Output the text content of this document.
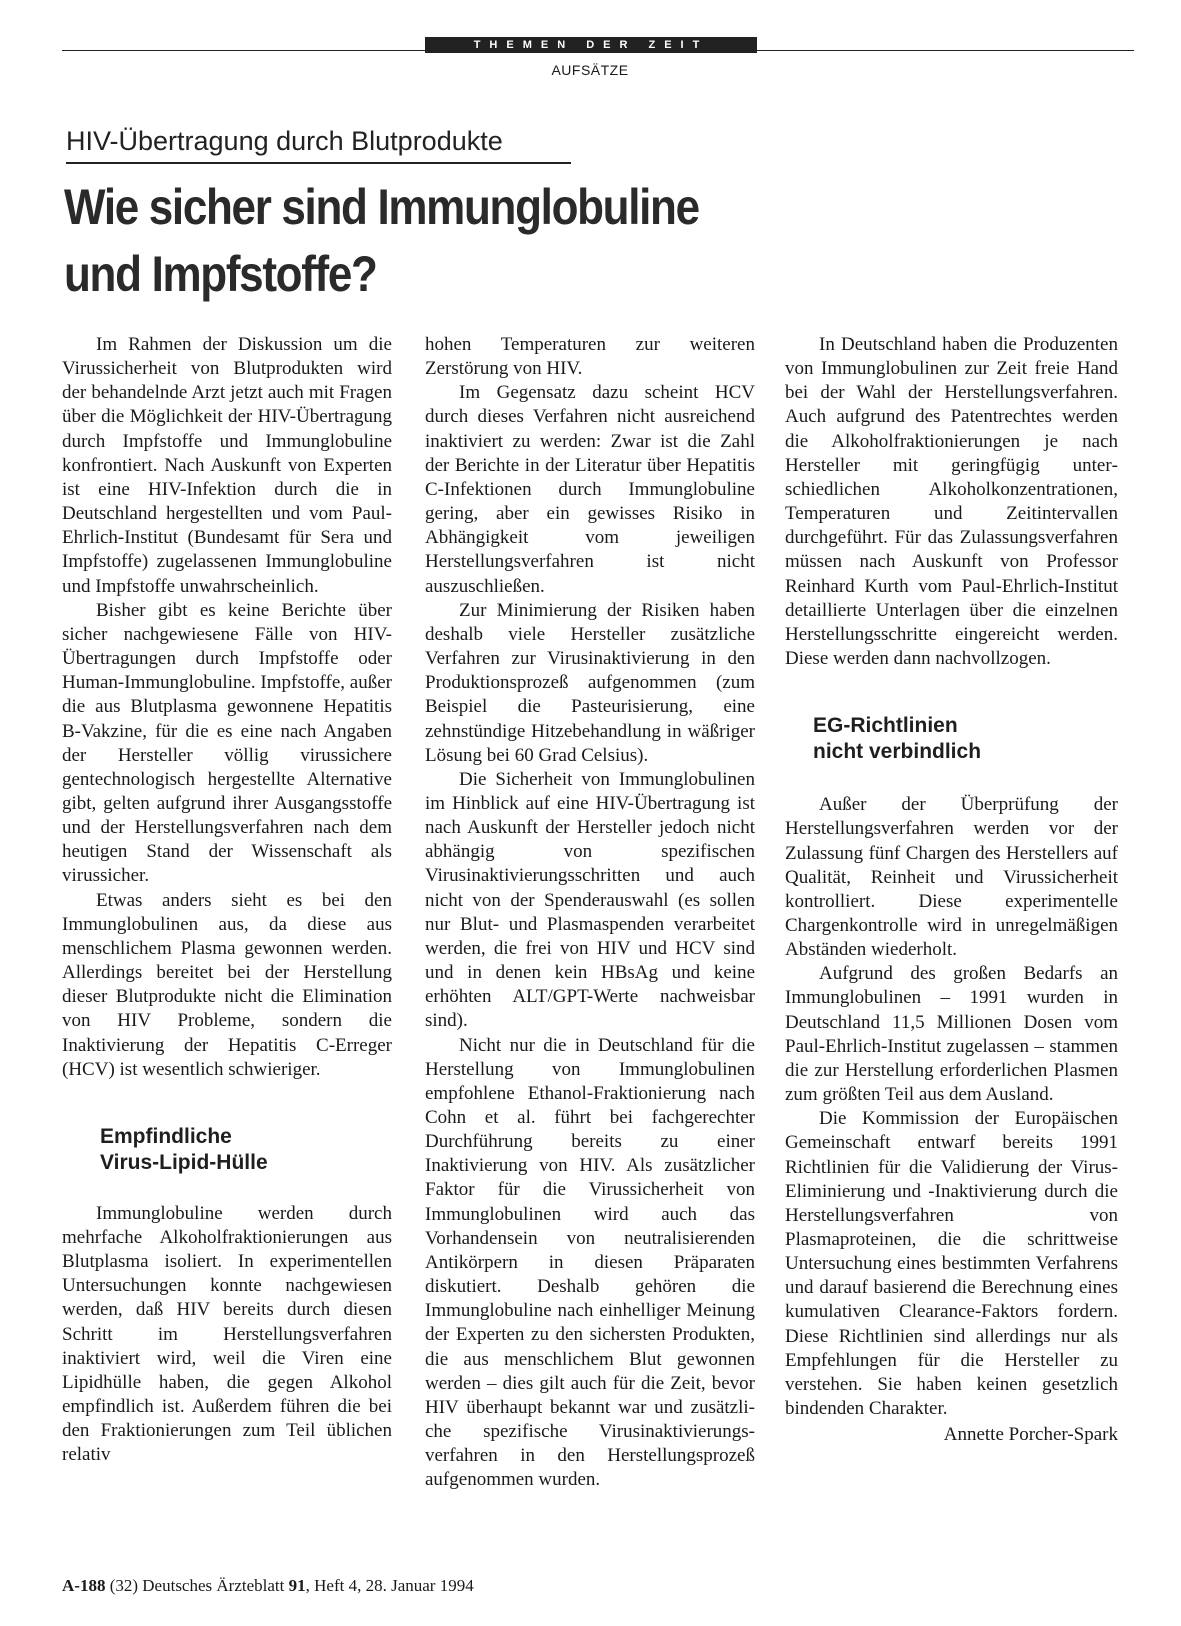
THEMEN DER ZEIT
AUFSÄTZE
HIV-Übertragung durch Blutprodukte
Wie sicher sind Immunglobuline
und Impfstoffe?

Im Rahmen der Diskussion um die Virussicherheit von Blutprodukten wird der behandelnde Arzt jetzt auch mit Fragen über die Möglichkeit der HIV-Übertragung durch Impfstoffe und Immunglobuline konfrontiert. Nach Auskunft von Experten ist eine HIV-Infektion durch die in Deutschland hergestellten und vom Paul-Ehrlich-Institut (Bundesamt für Sera und Impfstoffe) zugelassenen Immunglobuline und Impfstoffe unwahrscheinlich.

Bisher gibt es keine Berichte über sicher nachgewiesene Fälle von HIV-Übertragungen durch Impfstoffe oder Human-Immunglobuline. Impfstoffe, außer die aus Blutplasma gewonnene Hepatitis B-Vakzine, für die es eine nach Angaben der Hersteller völlig virussichere gentechnologisch hergestellte Alternative gibt, gelten aufgrund ihrer Ausgangsstoffe und der Herstellungsverfahren nach dem heutigen Stand der Wissenschaft als virussicher.

Etwas anders sieht es bei den Immunglobulinen aus, da diese aus menschlichem Plasma gewonnen werden. Allerdings bereitet bei der Herstellung dieser Blutprodukte nicht die Elimination von HIV Probleme, sondern die Inaktivierung der Hepatitis C-Erreger (HCV) ist wesentlich schwieriger.

Empfindliche
Virus-Lipid-Hülle

Immunglobuline werden durch mehrfache Alkoholfraktionierungen aus Blutplasma isoliert. In experimentellen Untersuchungen konnte nachgewiesen werden, daß HIV bereits durch diesen Schritt im Herstellungsverfahren inaktiviert wird, weil die Viren eine Lipidhülle haben, die gegen Alkohol empfindlich ist. Außerdem führen die bei den Fraktionierungen zum Teil üblichen relativ

hohen Temperaturen zur weiteren Zerstörung von HIV.

Im Gegensatz dazu scheint HCV durch dieses Verfahren nicht ausreichend inaktiviert zu werden: Zwar ist die Zahl der Berichte in der Literatur über Hepatitis C-Infektionen durch Immunglobuline gering, aber ein gewisses Risiko in Abhängigkeit vom jeweiligen Herstellungsverfahren ist nicht auszuschließen.

Zur Minimierung der Risiken haben deshalb viele Hersteller zusätzliche Verfahren zur Virusinaktivierung in den Produktionsprozeß aufgenommen (zum Beispiel die Pasteurisierung, eine zehnstündige Hitzebehandlung in wäßriger Lösung bei 60 Grad Celsius).

Die Sicherheit von Immunglobulinen im Hinblick auf eine HIV-Übertragung ist nach Auskunft der Hersteller jedoch nicht abhängig von spezifischen Virusinaktivierungsschritten und auch nicht von der Spenderauswahl (es sollen nur Blut- und Plasmaspenden verarbeitet werden, die frei von HIV und HCV sind und in denen kein HBsAg und keine erhöhten ALT/GPT-Werte nachweisbar sind).

Nicht nur die in Deutschland für die Herstellung von Immunglobulinen empfohlene Ethanol-Fraktionierung nach Cohn et al. führt bei fachgerechter Durchführung bereits zu einer Inaktivierung von HIV. Als zusätzlicher Faktor für die Virussicherheit von Immunglobulinen wird auch das Vorhandensein von neutralisierenden Antikörpern in diesen Präparaten diskutiert. Deshalb gehören die Immunglobuline nach einhelliger Meinung der Experten zu den sichersten Produkten, die aus menschlichem Blut gewonnen werden – dies gilt auch für die Zeit, bevor HIV überhaupt bekannt war und zusätzliche spezifische Virusinaktivierungsverfahren in den Herstellungsprozeß aufgenommen wurden.

In Deutschland haben die Produzenten von Immunglobulinen zur Zeit freie Hand bei der Wahl der Herstellungsverfahren. Auch aufgrund des Patentrechtes werden die Alkoholfraktionierungen je nach Hersteller mit geringfügig unterschiedlichen Alkoholkonzentrationen, Temperaturen und Zeitintervallen durchgeführt. Für das Zulassungsverfahren müssen nach Auskunft von Professor Reinhard Kurth vom Paul-Ehrlich-Institut detaillierte Unterlagen über die einzelnen Herstellungsschritte eingereicht werden. Diese werden dann nachvollzogen.

EG-Richtlinien
nicht verbindlich

Außer der Überprüfung der Herstellungsverfahren werden vor der Zulassung fünf Chargen des Herstellers auf Qualität, Reinheit und Virussicherheit kontrolliert. Diese experimentelle Chargenkontrolle wird in unregelmäßigen Abständen wiederholt.

Aufgrund des großen Bedarfs an Immunglobulinen – 1991 wurden in Deutschland 11,5 Millionen Dosen vom Paul-Ehrlich-Institut zugelassen – stammen die zur Herstellung erforderlichen Plasmen zum größten Teil aus dem Ausland.

Die Kommission der Europäischen Gemeinschaft entwarf bereits 1991 Richtlinien für die Validierung der Virus-Eliminierung und -Inaktivierung durch die Herstellungsverfahren von Plasmaproteinen, die die schrittweise Untersuchung eines bestimmten Verfahrens und darauf basierend die Berechnung eines kumulativen Clearance-Faktors fordern. Diese Richtlinien sind allerdings nur als Empfehlungen für die Hersteller zu verstehen. Sie haben keinen gesetzlich bindenden Charakter.

Annette Porcher-Spark
A-188 (32) Deutsches Ärzteblatt 91, Heft 4, 28. Januar 1994
